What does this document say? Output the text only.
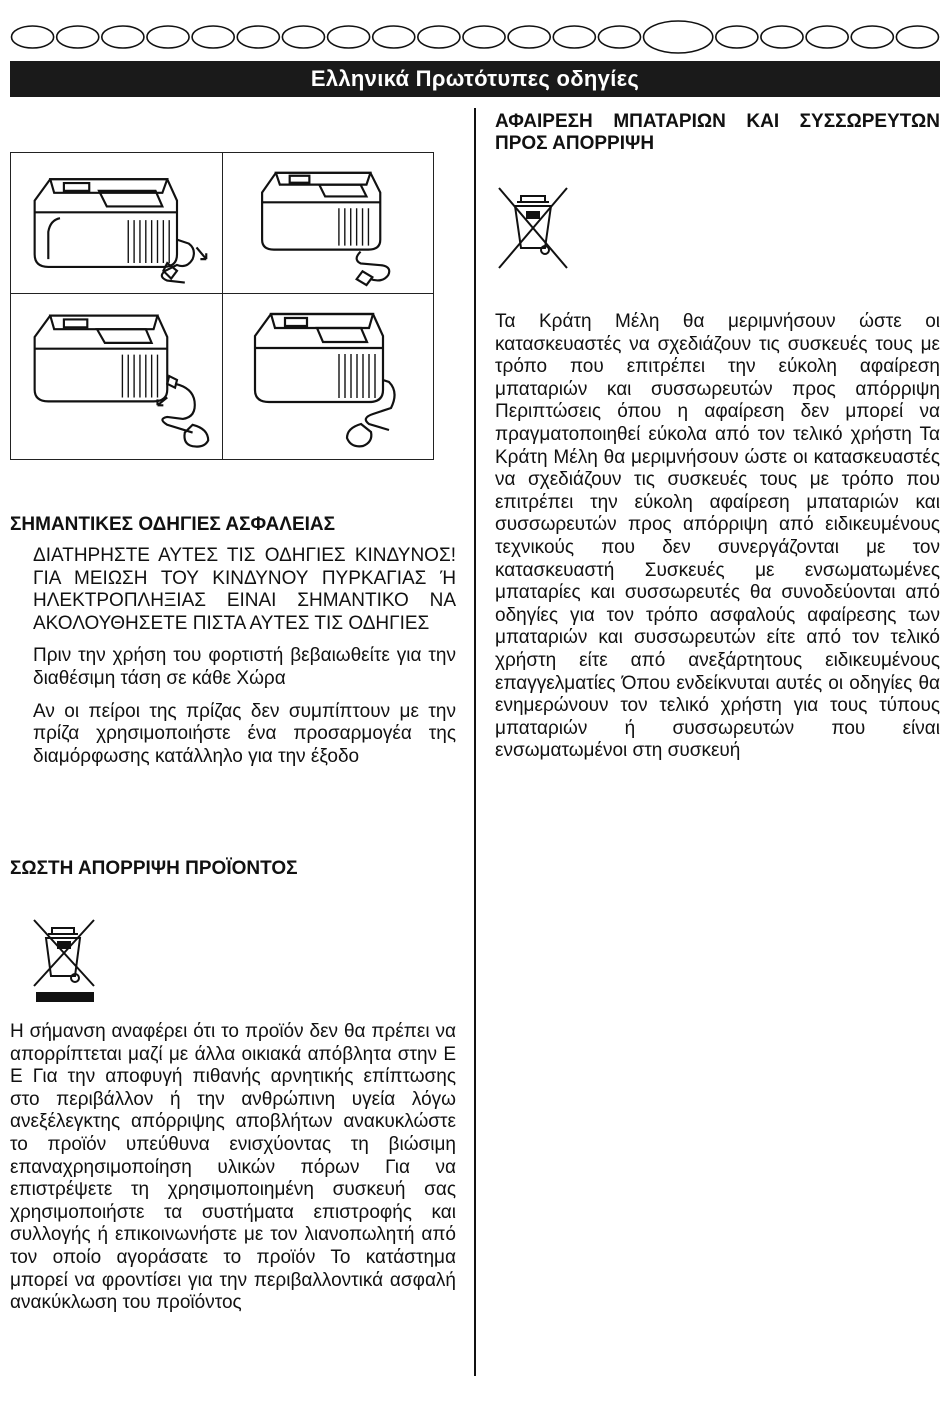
Ελληνικά Πρωτότυπες οδηγίες
ΣΗΜΑΝΤΙΚΕΣ ΟΔΗΓΙΕΣ ΑΣΦΑΛΕΙΑΣ

ΔΙΑΤΗΡΗΣΤΕ ΑΥΤΕΣ ΤΙΣ ΟΔΗΓΙΕΣ ΚΙΝΔΥΝΟΣ! ΓΙΑ ΜΕΙΩΣΗ ΤΟΥ ΚΙΝΔΥΝΟΥ ΠΥΡΚΑΓΙΑΣ Ή ΗΛΕΚΤΡΟΠΛΗΞΙΑΣ ΕΙΝΑΙ ΣΗΜΑΝΤΙΚΟ ΝΑ ΑΚΟΛΟΥΘΗΣΕΤΕ ΠΙΣΤΑ ΑΥΤΕΣ ΤΙΣ ΟΔΗΓΙΕΣ

Πριν την χρήση του φορτιστή βεβαιωθείτε για την διαθέσιμη τάση σε κάθε Χώρα

Αν οι πείροι της πρίζας δεν συμπίπτουν με την πρίζα χρησιμοποιήστε ένα προσαρμογέα της διαμόρφωσης κατάλληλο για την έξοδο

ΣΩΣΤΗ ΑΠΟΡΡΙΨΗ ΠΡΟΪΟΝΤΟΣ

Η σήμανση αναφέρει ότι το προϊόν δεν θα πρέπει να απορρίπτεται μαζί με άλλα οικιακά απόβλητα στην Ε Ε Για την αποφυγή πιθανής αρνητικής επίπτωσης στο περιβάλλον ή την ανθρώπινη υγεία λόγω ανεξέλεγκτης απόρριψης αποβλήτων ανακυκλώστε το προϊόν υπεύθυνα ενισχύοντας τη βιώσιμη επαναχρησιμοποίηση υλικών πόρων Για να επιστρέψετε τη χρησιμοποιημένη συσκευή σας χρησιμοποιήστε τα συστήματα επιστροφής και συλλογής ή επικοινωνήστε με τον λιανοπωλητή από τον οποίο αγοράσατε το προϊόν Το κατάστημα μπορεί να φροντίσει για την περιβαλλοντικά ασφαλή ανακύκλωση του προϊόντος

ΑΦΑΙΡΕΣΗ ΜΠΑΤΑΡΙΩΝ ΚΑΙ ΣΥΣΣΩΡΕΥΤΩΝ ΠΡΟΣ ΑΠΟΡΡΙΨΗ

Τα Κράτη Μέλη θα μεριμνήσουν ώστε οι κατασκευαστές να σχεδιάζουν τις συσκευές τους με τρόπο που επιτρέπει την εύκολη αφαίρεση μπαταριών και συσσωρευτών προς απόρριψη Περιπτώσεις όπου η αφαίρεση δεν μπορεί να πραγματοποιηθεί εύκολα από τον τελικό χρήστη Τα Κράτη Μέλη θα μεριμνήσουν ώστε οι κατασκευαστές να σχεδιάζουν τις συσκευές τους με τρόπο που επιτρέπει την εύκολη αφαίρεση μπαταριών και συσσωρευτών προς απόρριψη από ειδικευμένους τεχνικούς που δεν συνεργάζονται με τον κατασκευαστή Συσκευές με ενσωματωμένες μπαταρίες και συσσωρευτές θα συνοδεύονται από οδηγίες για τον τρόπο ασφαλούς αφαίρεσης των μπαταριών και συσσωρευτών είτε από τον τελικό χρήστη είτε από ανεξάρτητους ειδικευμένους επαγγελματίες Όπου ενδείκνυται αυτές οι οδηγίες θα ενημερώνουν τον τελικό χρήστη για τους τύπους μπαταριών ή συσσωρευτών που είναι ενσωματωμένοι στη συσκευή
